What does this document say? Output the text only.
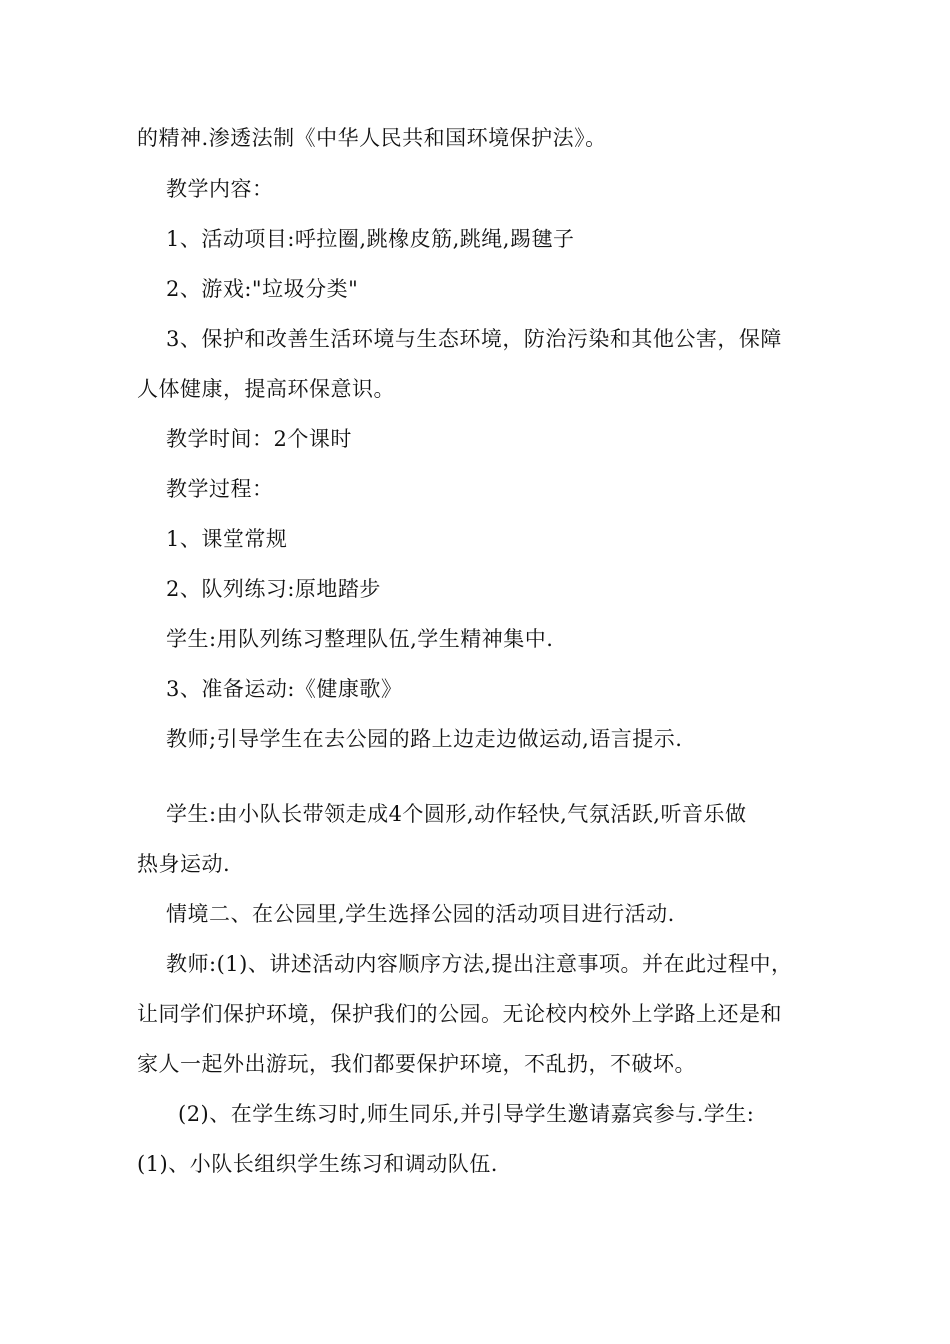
的精神.渗透法制《中华人民共和国环境保护法》。
教学内容：
1、活动项目:呼拉圈,跳橡皮筋,跳绳,踢毽子
2、游戏:"垃圾分类"
3、保护和改善生活环境与生态环境，防治污染和其他公害，保障
人体健康，提高环保意识。
教学时间：2个课时
教学过程：
1、课堂常规
2、队列练习:原地踏步
学生:用队列练习整理队伍,学生精神集中.
3、准备运动:《健康歌》
教师;引导学生在去公园的路上边走边做运动,语言提示.
学生:由小队长带领走成4个圆形,动作轻快,气氛活跃,听音乐做
热身运动.
情境二、在公园里,学生选择公园的活动项目进行活动.
教师:(1)、讲述活动内容顺序方法,提出注意事项。并在此过程中，
让同学们保护环境，保护我们的公园。无论校内校外上学路上还是和
家人一起外出游玩，我们都要保护环境，不乱扔，不破坏。
(2)、在学生练习时,师生同乐,并引导学生邀请嘉宾参与.学生:
(1)、小队长组织学生练习和调动队伍.
